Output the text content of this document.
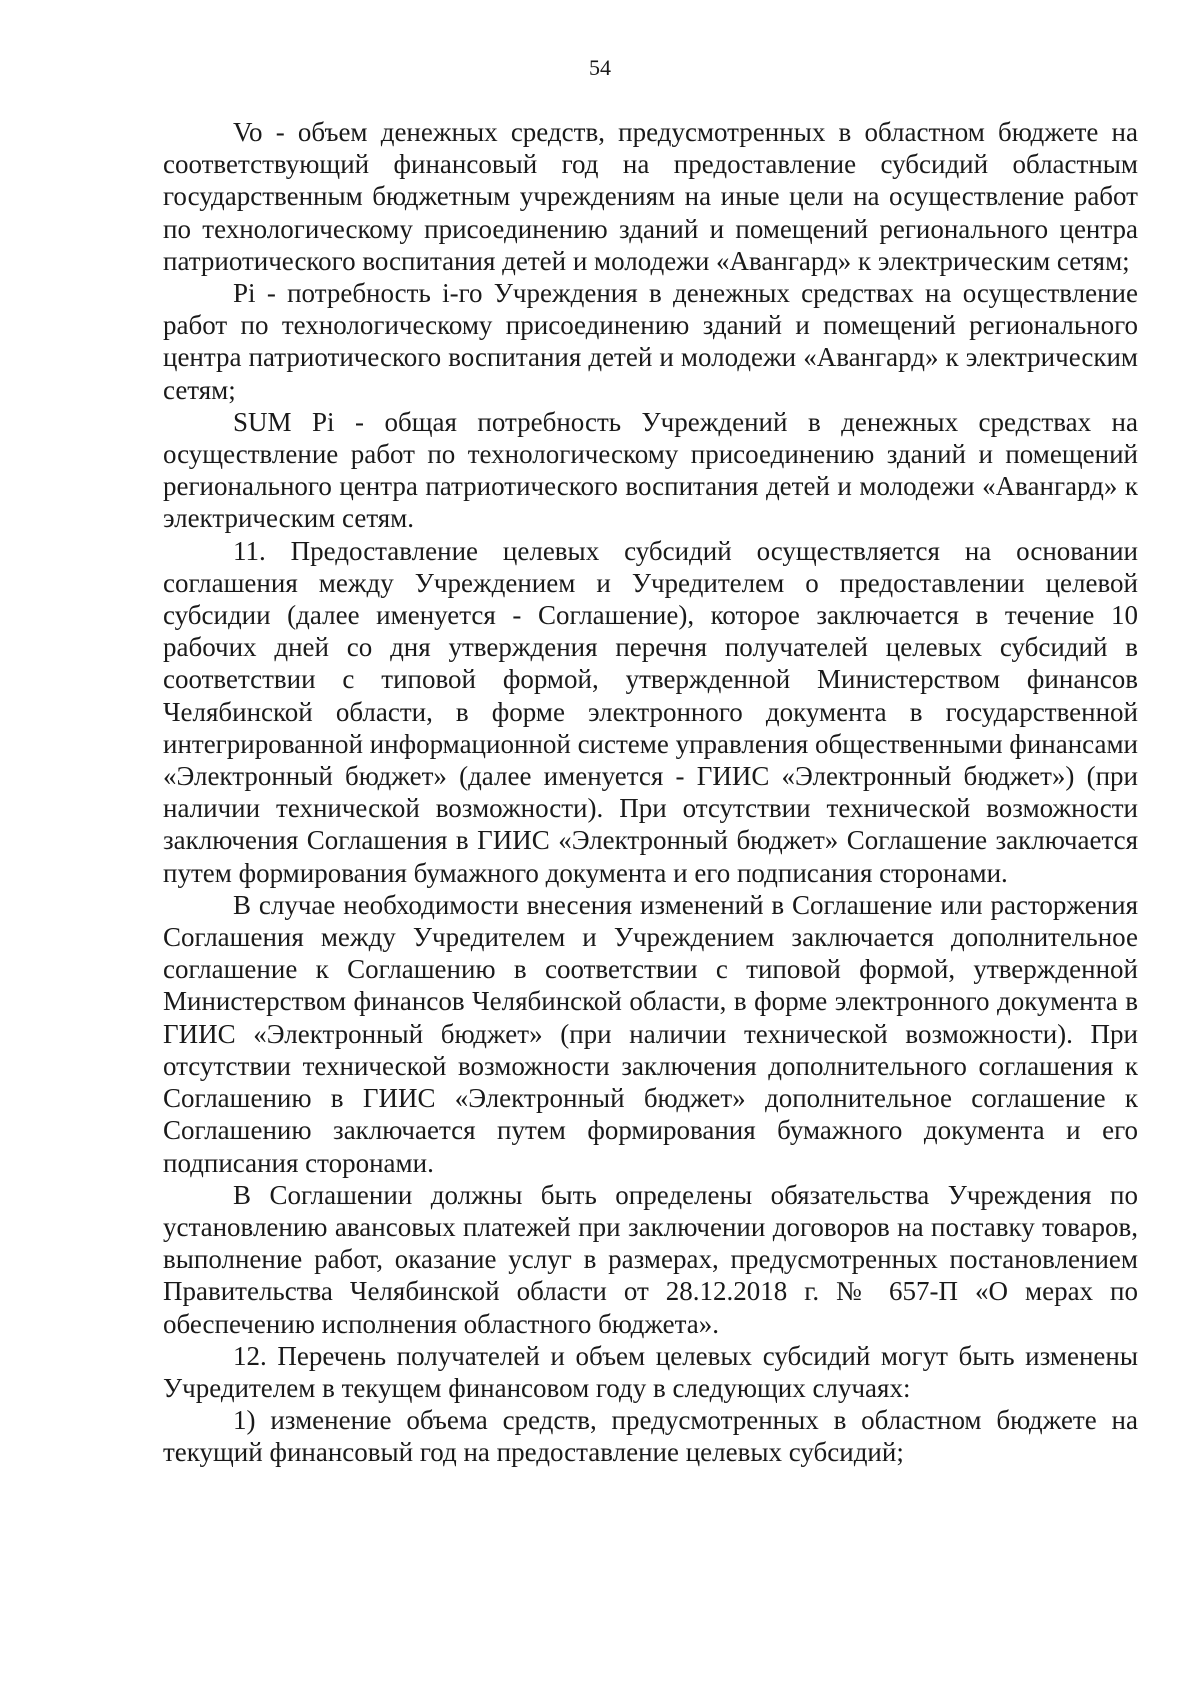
54

Vo - объем денежных средств, предусмотренных в областном бюджете на соответствующий финансовый год на предоставление субсидий областным государственным бюджетным учреждениям на иные цели на осуществление работ по технологическому присоединению зданий и помещений регионального центра патриотического воспитания детей и молодежи «Авангард» к электрическим сетям;

Pi - потребность i-го Учреждения в денежных средствах на осуществление работ по технологическому присоединению зданий и помещений регионального центра патриотического воспитания детей и молодежи «Авангард» к электрическим сетям;

SUM Pi - общая потребность Учреждений в денежных средствах на осуществление работ по технологическому присоединению зданий и помещений регионального центра патриотического воспитания детей и молодежи «Авангард» к электрическим сетям.

11. Предоставление целевых субсидий осуществляется на основании соглашения между Учреждением и Учредителем о предоставлении целевой субсидии (далее именуется - Соглашение), которое заключается в течение 10 рабочих дней со дня утверждения перечня получателей целевых субсидий в соответствии с типовой формой, утвержденной Министерством финансов Челябинской области, в форме электронного документа в государственной интегрированной информационной системе управления общественными финансами «Электронный бюджет» (далее именуется - ГИИС «Электронный бюджет») (при наличии технической возможности). При отсутствии технической возможности заключения Соглашения в ГИИС «Электронный бюджет» Соглашение заключается путем формирования бумажного документа и его подписания сторонами.

В случае необходимости внесения изменений в Соглашение или расторжения Соглашения между Учредителем и Учреждением заключается дополнительное соглашение к Соглашению в соответствии с типовой формой, утвержденной Министерством финансов Челябинской области, в форме электронного документа в ГИИС «Электронный бюджет» (при наличии технической возможности). При отсутствии технической возможности заключения дополнительного соглашения к Соглашению в ГИИС «Электронный бюджет» дополнительное соглашение к Соглашению заключается путем формирования бумажного документа и его подписания сторонами.

В Соглашении должны быть определены обязательства Учреждения по установлению авансовых платежей при заключении договоров на поставку товаров, выполнение работ, оказание услуг в размерах, предусмотренных постановлением Правительства Челябинской области от 28.12.2018 г. № 657-П «О мерах по обеспечению исполнения областного бюджета».

12. Перечень получателей и объем целевых субсидий могут быть изменены Учредителем в текущем финансовом году в следующих случаях:

1) изменение объема средств, предусмотренных в областном бюджете на текущий финансовый год на предоставление целевых субсидий;
